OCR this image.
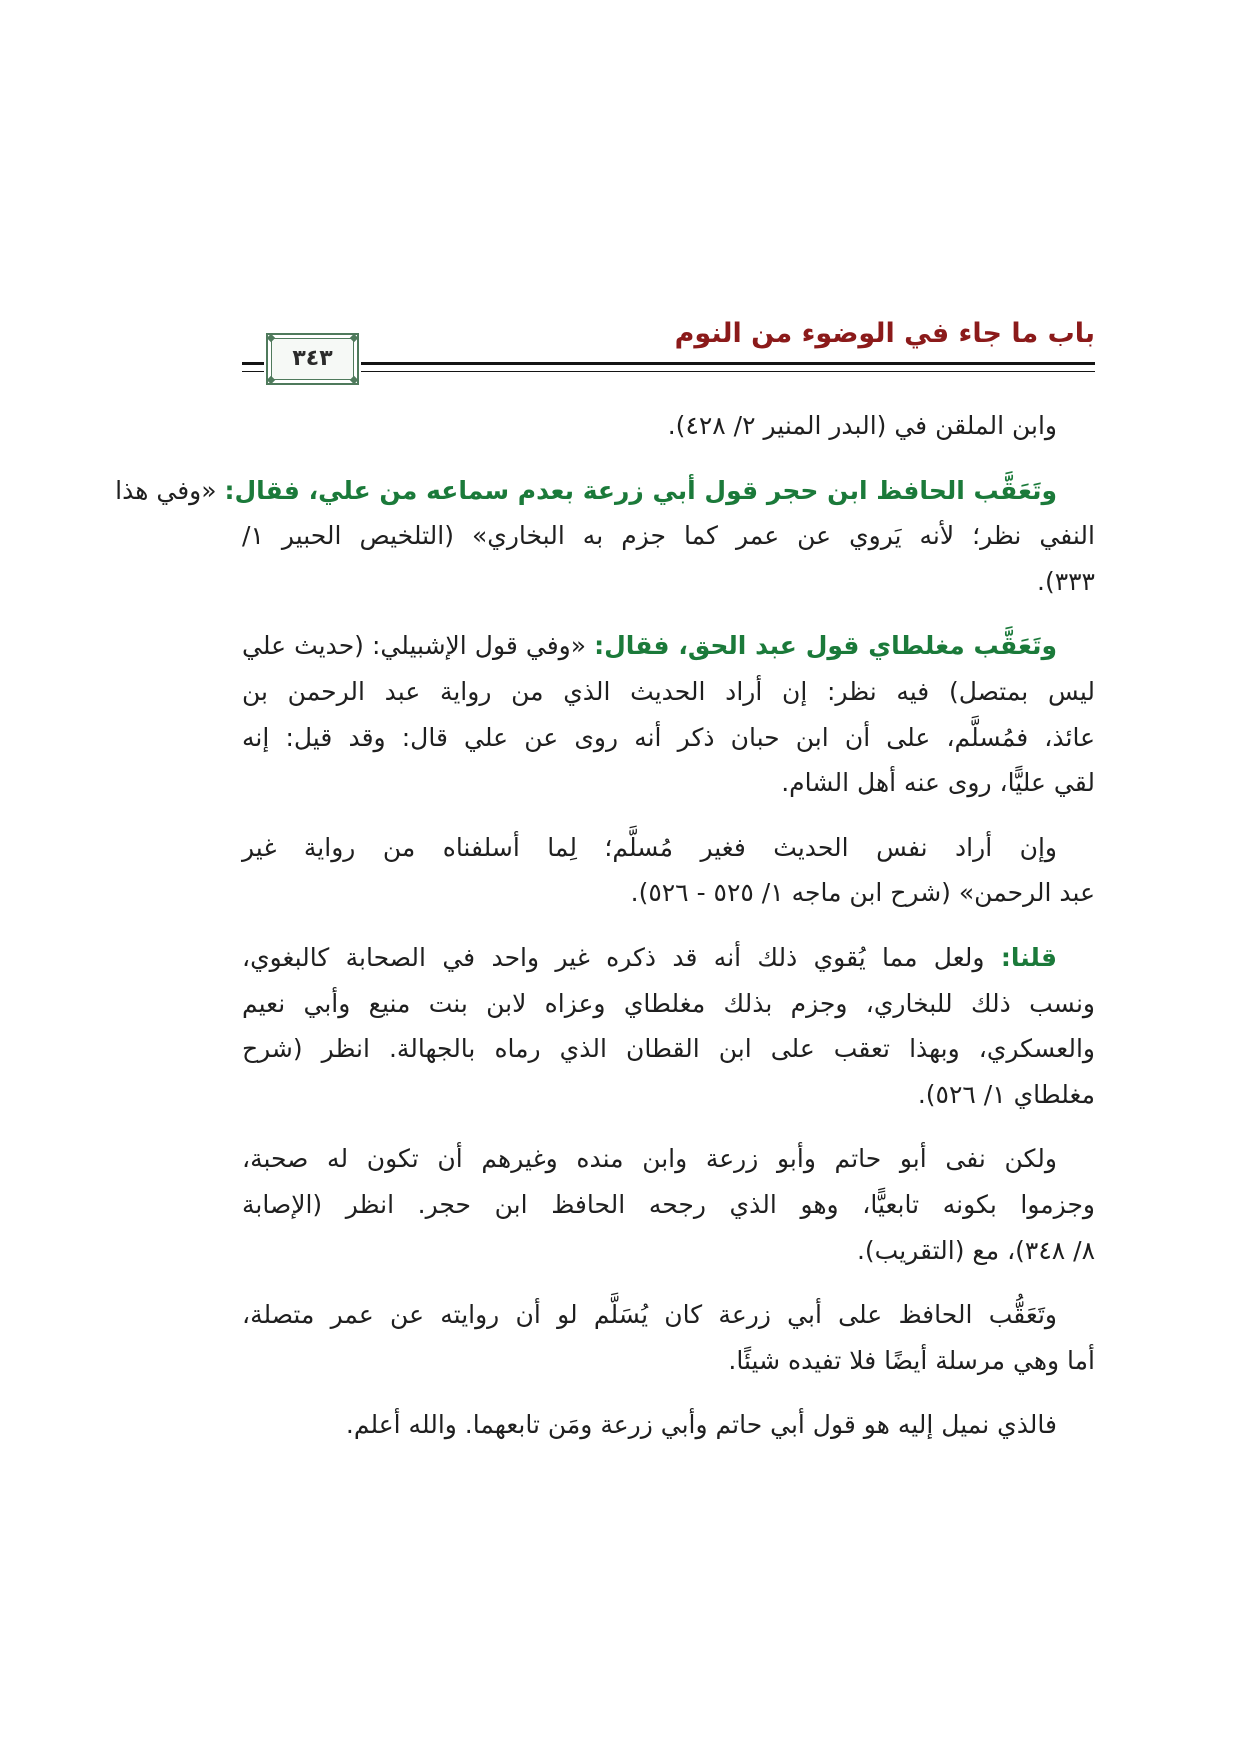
باب ما جاء في الوضوء من النوم
٣٤٣
وابن الملقن في (البدر المنير ٢/ ٤٢٨).
وتَعَقَّب الحافظ ابن حجر قول أبي زرعة بعدم سماعه من علي، فقال: «وفي هذا
النفي نظر؛ لأنه يَروي عن عمر كما جزم به البخاري» (التلخيص الحبير ١/
٣٣٣).
وتَعَقَّب مغلطاي قول عبد الحق، فقال: «وفي قول الإشبيلي: (حديث علي
ليس بمتصل) فيه نظر: إن أراد الحديث الذي من رواية عبد الرحمن بن
عائذ، فمُسلَّم، على أن ابن حبان ذكر أنه روى عن علي قال: وقد قيل: إنه
لقي عليًّا، روى عنه أهل الشام.
وإن أراد نفس الحديث فغير مُسلَّم؛ لِما أسلفناه من رواية غير
عبد الرحمن» (شرح ابن ماجه ١/ ٥٢٥ - ٥٢٦).
قلنا: ولعل مما يُقوي ذلك أنه قد ذكره غير واحد في الصحابة كالبغوي،
ونسب ذلك للبخاري، وجزم بذلك مغلطاي وعزاه لابن بنت منيع وأبي نعيم
والعسكري، وبهذا تعقب على ابن القطان الذي رماه بالجهالة. انظر (شرح
مغلطاي ١/ ٥٢٦).
ولكن نفى أبو حاتم وأبو زرعة وابن منده وغيرهم أن تكون له صحبة،
وجزموا بكونه تابعيًّا، وهو الذي رجحه الحافظ ابن حجر. انظر (الإصابة
٨/ ٣٤٨)، مع (التقريب).
وتَعَقُّب الحافظ على أبي زرعة كان يُسَلَّم لو أن روايته عن عمر متصلة،
أما وهي مرسلة أيضًا فلا تفيده شيئًا.
فالذي نميل إليه هو قول أبي حاتم وأبي زرعة ومَن تابعهما. والله أعلم.
